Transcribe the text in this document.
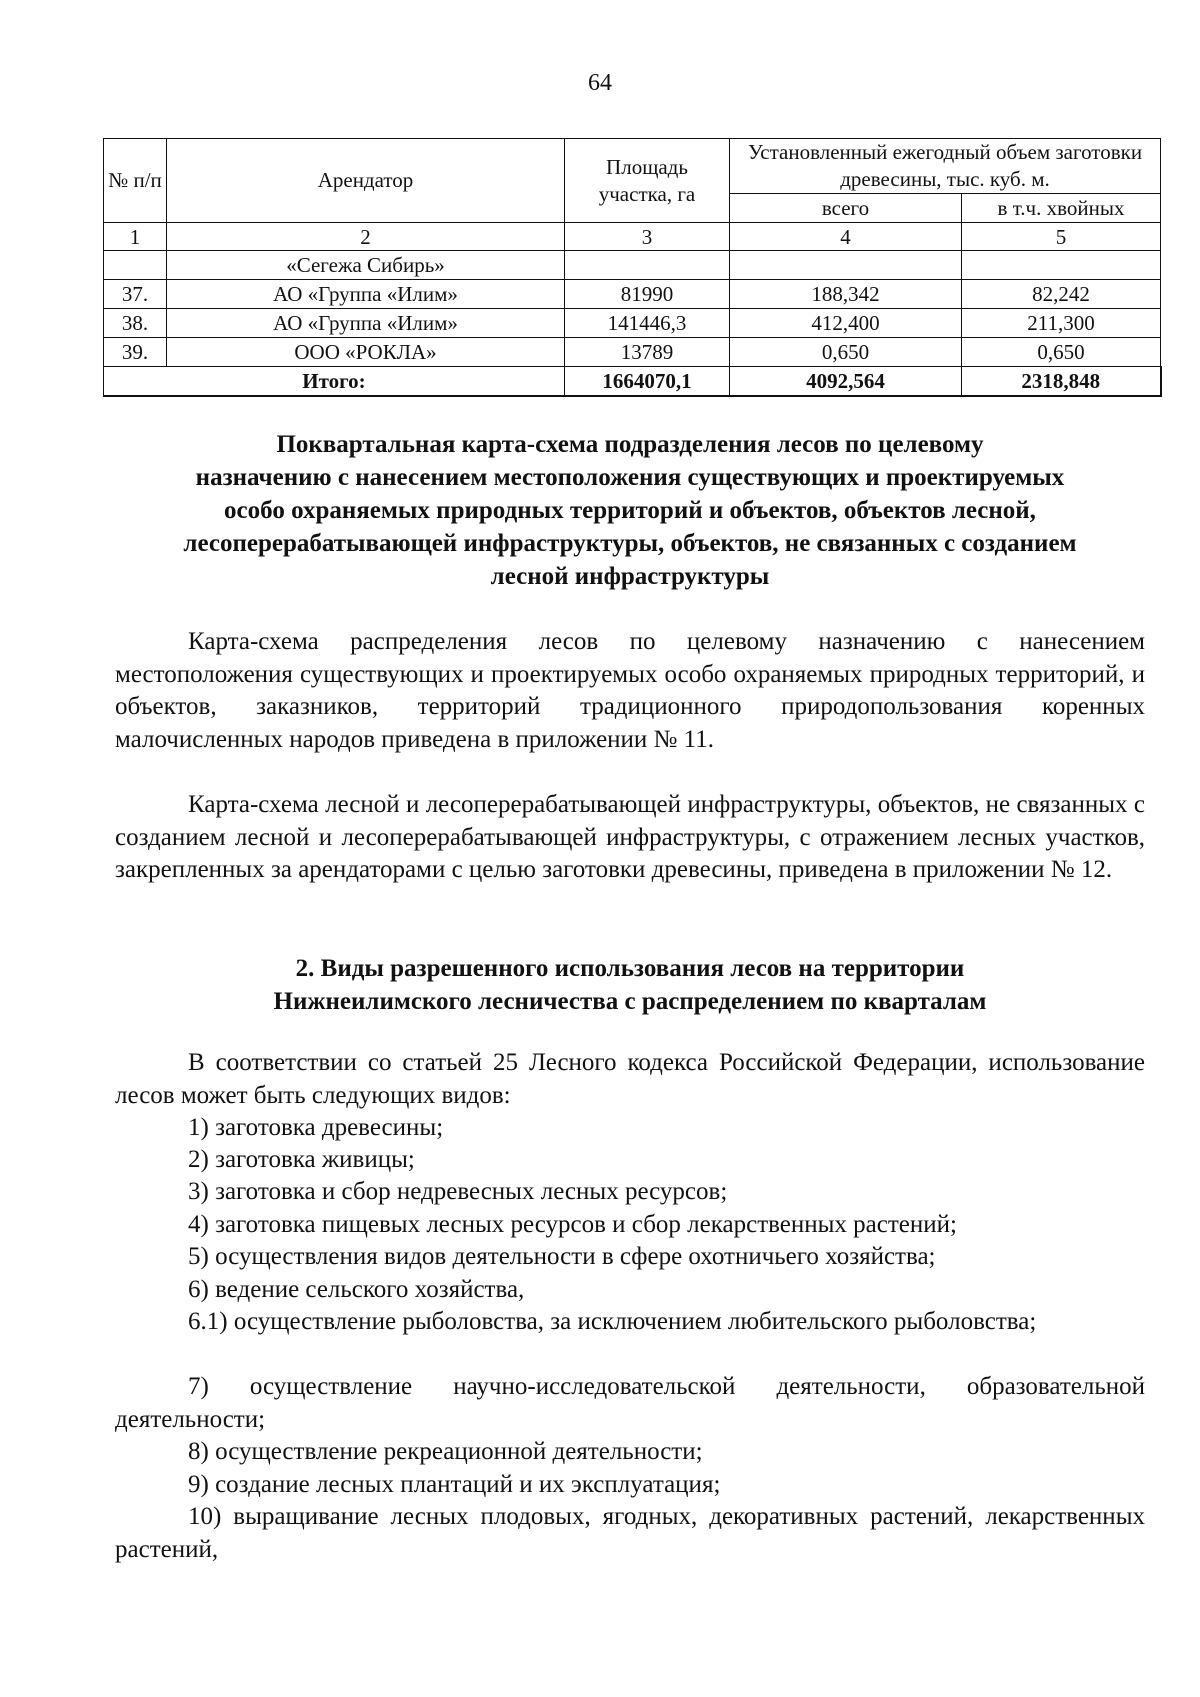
64
№ п/п	Арендатор	Площадь участка, га	Установленный ежегодный объем заготовки древесины, тыс. куб. м.	
			всего	в т.ч. хвойных
1	2	3	4	5
	«Сегежа Сибирь»			
37.	АО «Группа «Илим»	81990	188,342	82,242
38.	АО «Группа «Илим»	141446,3	412,400	211,300
39.	ООО «РОКЛА»	13789	0,650	0,650
Итого:		1664070,1	4092,564	2318,848
Поквартальная карта-схема подразделения лесов по целевому
назначению с нанесением местоположения существующих и проектируемых
особо охраняемых природных территорий и объектов, объектов лесной,
лесоперерабатывающей инфраструктуры, объектов, не связанных с созданием
лесной инфраструктуры

Карта-схема распределения лесов по целевому назначению с нанесением местоположения существующих и проектируемых особо охраняемых природных территорий, и объектов, заказников, территорий традиционного природопользования коренных малочисленных народов приведена в приложении № 11.

Карта-схема лесной и лесоперерабатывающей инфраструктуры, объектов, не связанных с созданием лесной и лесоперерабатывающей инфраструктуры, с отражением лесных участков, закрепленных за арендаторами с целью заготовки древесины, приведена в приложении № 12.

2. Виды разрешенного использования лесов на территории
Нижнеилимского лесничества с распределением по кварталам

В соответствии со статьей 25 Лесного кодекса Российской Федерации, использование лесов может быть следующих видов:

1) заготовка древесины;

2) заготовка живицы;

3) заготовка и сбор недревесных лесных ресурсов;

4) заготовка пищевых лесных ресурсов и сбор лекарственных растений;

5) осуществления видов деятельности в сфере охотничьего хозяйства;

6) ведение сельского хозяйства,

6.1) осуществление рыболовства, за исключением любительского рыболовства;

7) осуществление научно-исследовательской деятельности, образовательной деятельности;

8) осуществление рекреационной деятельности;

9) создание лесных плантаций и их эксплуатация;

10) выращивание лесных плодовых, ягодных, декоративных растений, лекарственных растений,
